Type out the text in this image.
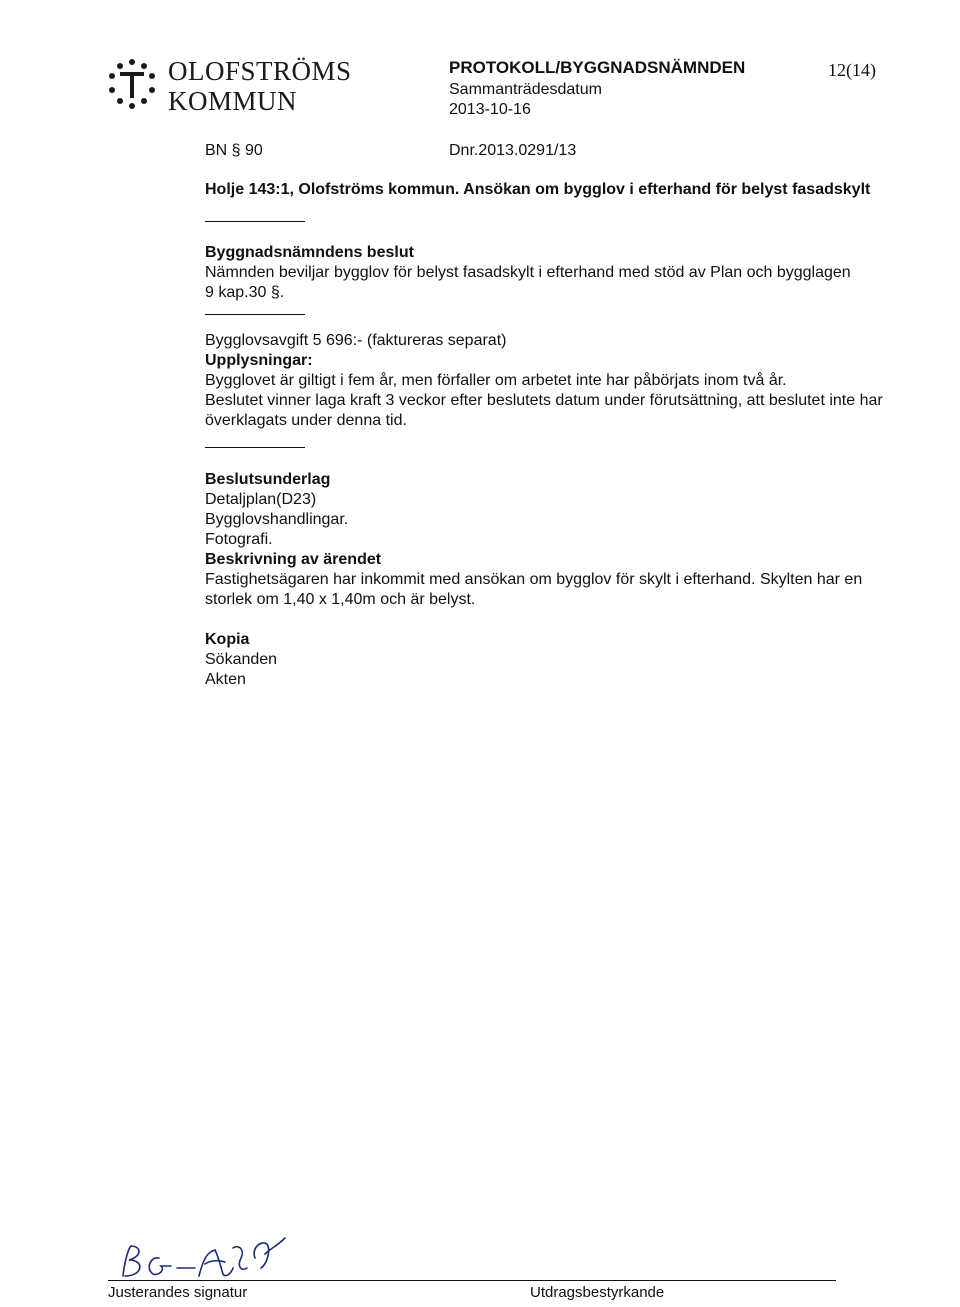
OLOFSTRÖMS
KOMMUN
PROTOKOLL/BYGGNADSNÄMNDEN
Sammanträdesdatum
2013-10-16
12(14)
BN § 90	Dnr.2013.0291/13

Holje 143:1, Olofströms kommun. Ansökan om bygglov i efterhand för belyst fasadskylt

Byggnadsnämndens beslut

Nämnden beviljar bygglov för belyst fasadskylt i efterhand med stöd av Plan och bygglagen 9 kap.30 §.

Bygglovsavgift 5 696:- (faktureras separat)

Upplysningar:

Bygglovet är giltigt i fem år, men förfaller om arbetet inte har påbörjats inom två år.

Beslutet vinner laga kraft 3 veckor efter beslutets datum under förutsättning, att beslutet inte har överklagats under denna tid.

Beslutsunderlag

Detaljplan(D23)

Bygglovshandlingar.

Fotografi.

Beskrivning av ärendet

Fastighetsägaren har inkommit med ansökan om bygglov för skylt i efterhand. Skylten har en storlek om 1,40 x 1,40m och är belyst.

Kopia

Sökanden

Akten

Justerandes signatur	Utdragsbestyrkande
